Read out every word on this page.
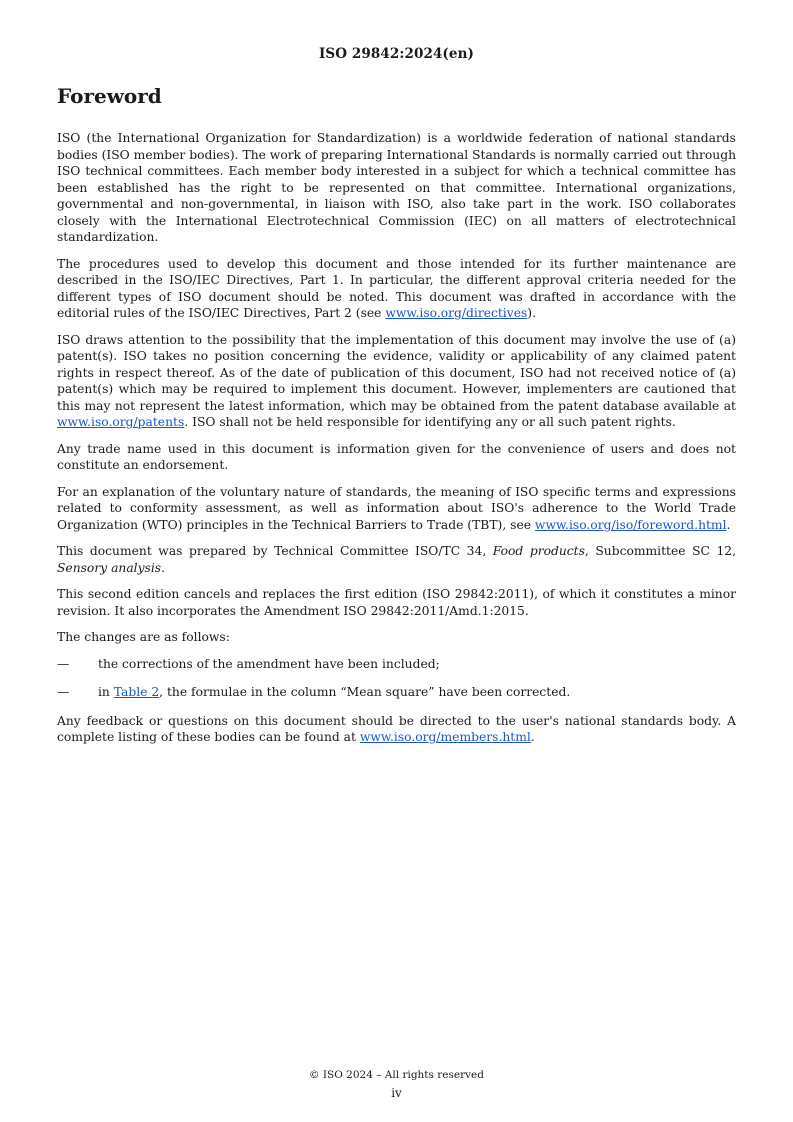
ISO 29842:2024(en)
Foreword

ISO (the International Organization for Standardization) is a worldwide federation of national standards bodies (ISO member bodies). The work of preparing International Standards is normally carried out through ISO technical committees. Each member body interested in a subject for which a technical committee has been established has the right to be represented on that committee. International organizations, governmental and non-governmental, in liaison with ISO, also take part in the work. ISO collaborates closely with the International Electrotechnical Commission (IEC) on all matters of electrotechnical standardization.

The procedures used to develop this document and those intended for its further maintenance are described in the ISO/IEC Directives, Part 1. In particular, the different approval criteria needed for the different types of ISO document should be noted. This document was drafted in accordance with the editorial rules of the ISO/IEC Directives, Part 2 (see www.iso.org/directives).

ISO draws attention to the possibility that the implementation of this document may involve the use of (a) patent(s). ISO takes no position concerning the evidence, validity or applicability of any claimed patent rights in respect thereof. As of the date of publication of this document, ISO had not received notice of (a) patent(s) which may be required to implement this document. However, implementers are cautioned that this may not represent the latest information, which may be obtained from the patent database available at www.iso.org/patents. ISO shall not be held responsible for identifying any or all such patent rights.

Any trade name used in this document is information given for the convenience of users and does not constitute an endorsement.

For an explanation of the voluntary nature of standards, the meaning of ISO specific terms and expressions related to conformity assessment, as well as information about ISO's adherence to the World Trade Organization (WTO) principles in the Technical Barriers to Trade (TBT), see www.iso.org/iso/foreword.html.

This document was prepared by Technical Committee ISO/TC 34, Food products, Subcommittee SC 12, Sensory analysis.

This second edition cancels and replaces the first edition (ISO 29842:2011), of which it constitutes a minor revision. It also incorporates the Amendment ISO 29842:2011/Amd.1:2015.

The changes are as follows:

— the corrections of the amendment have been included;
— in Table 2, the formulae in the column “Mean square” have been corrected.

Any feedback or questions on this document should be directed to the user's national standards body. A complete listing of these bodies can be found at www.iso.org/members.html.

© ISO 2024 – All rights reserved
iv
